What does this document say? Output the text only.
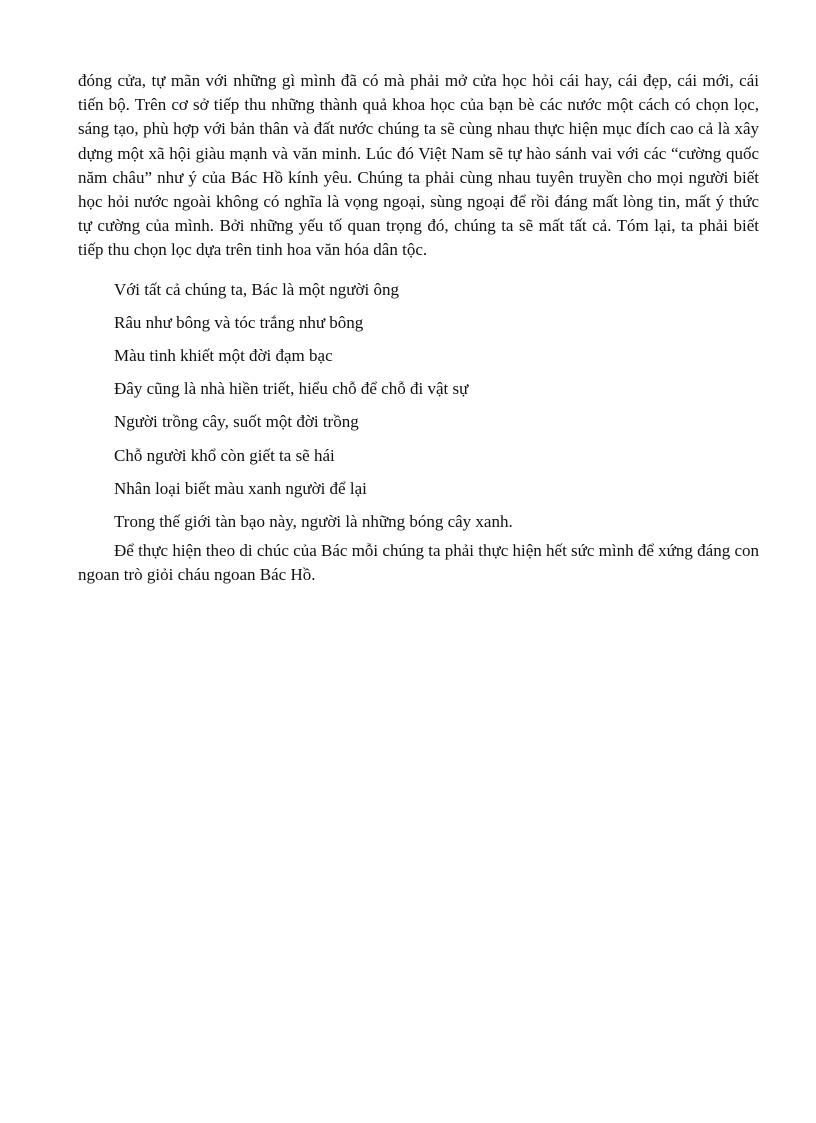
đóng cửa, tự mãn với những gì mình đã có mà phải mở cửa học hỏi cái hay, cái đẹp, cái mới, cái tiến bộ. Trên cơ sở tiếp thu những thành quả khoa học của bạn bè các nước một cách có chọn lọc, sáng tạo, phù hợp với bản thân và đất nước chúng ta sẽ cùng nhau thực hiện mục đích cao cả là xây dựng một xã hội giàu mạnh và văn minh. Lúc đó Việt Nam sẽ tự hào sánh vai với các “cường quốc năm châu” như ý của Bác Hồ kính yêu. Chúng ta phải cùng nhau tuyên truyền cho mọi người biết học hỏi nước ngoài không có nghĩa là vọng ngoại, sùng ngoại để rồi đáng mất lòng tin, mất ý thức tự cường của mình. Bởi những yếu tố quan trọng đó, chúng ta sẽ mất tất cả. Tóm lại, ta phải biết tiếp thu chọn lọc dựa trên tinh hoa văn hóa dân tộc.

Với tất cả chúng ta, Bác là một người ông

Râu như bông và tóc trắng như bông

Màu tinh khiết một đời đạm bạc

Đây cũng là nhà hiền triết, hiểu chỗ để chỗ đi vật sự

Người trồng cây, suốt một đời trồng

Chỗ người khổ còn giết ta sẽ hái

Nhân loại biết màu xanh người để lại

Trong thế giới tàn bạo này, người là những bóng cây xanh.

Để thực hiện theo di chúc của Bác mỗi chúng ta phải thực hiện hết sức mình để xứng đáng con ngoan trò giỏi cháu ngoan Bác Hồ.
